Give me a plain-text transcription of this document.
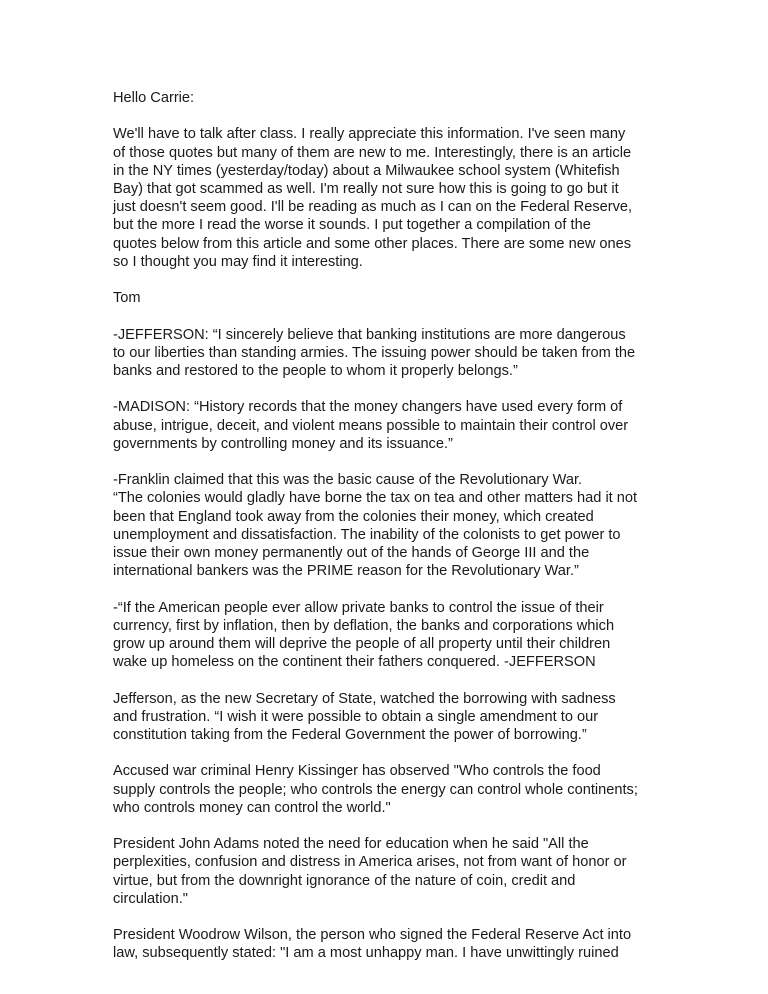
Hello Carrie:

We'll have to talk after class. I really appreciate this information. I've seen many
of those quotes but many of them are new to me. Interestingly, there is an article
in the NY times (yesterday/today) about a Milwaukee school system (Whitefish
Bay) that got scammed as well. I'm really not sure how this is going to go but it
just doesn't seem good. I'll be reading as much as I can on the Federal Reserve,
but the more I read the worse it sounds. I put together a compilation of the
quotes below from this article and some other places. There are some new ones
so I thought you may find it interesting.

Tom

-JEFFERSON: “I sincerely believe that banking institutions are more dangerous
to our liberties than standing armies. The issuing power should be taken from the
banks and restored to the people to whom it properly belongs.”

-MADISON: “History records that the money changers have used every form of
abuse, intrigue, deceit, and violent means possible to maintain their control over
governments by controlling money and its issuance.”

-Franklin claimed that this was the basic cause of the Revolutionary War.
“The colonies would gladly have borne the tax on tea and other matters had it not
been that England took away from the colonies their money, which created
unemployment and dissatisfaction. The inability of the colonists to get power to
issue their own money permanently out of the hands of George III and the
international bankers was the PRIME reason for the Revolutionary War.”

-“If the American people ever allow private banks to control the issue of their
currency, first by inflation, then by deflation, the banks and corporations which
grow up around them will deprive the people of all property until their children
wake up homeless on the continent their fathers conquered. -JEFFERSON

Jefferson, as the new Secretary of State, watched the borrowing with sadness
and frustration. “I wish it were possible to obtain a single amendment to our
constitution taking from the Federal Government the power of borrowing.”

Accused war criminal Henry Kissinger has observed "Who controls the food
supply controls the people; who controls the energy can control whole continents;
who controls money can control the world."

President John Adams noted the need for education when he said "All the
perplexities, confusion and distress in America arises, not from want of honor or
virtue, but from the downright ignorance of the nature of coin, credit and
circulation."

President Woodrow Wilson, the person who signed the Federal Reserve Act into
law, subsequently stated: "I am a most unhappy man. I have unwittingly ruined
